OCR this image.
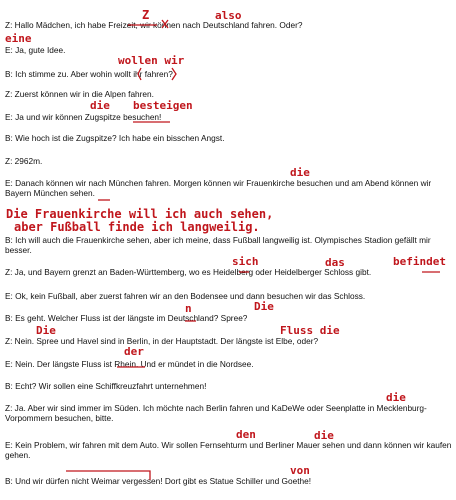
Z: Hallo Mädchen, ich habe Freizeit, wir können nach Deutschland fahren. Oder?
E: Ja, gute Idee.
B: Ich stimme zu. Aber wohin wollt ihr fahren?
Z: Zuerst können wir in die Alpen fahren.
E: Ja und wir können Zugspitze besuchen!
B: Wie hoch ist die Zugspitze? Ich habe ein bisschen Angst.
Z: 2962m.
E: Danach können wir nach München fahren. Morgen können wir Frauenkirche besuchen und am Abend können wir Bayern München sehen.
B: Ich will auch die Frauenkirche sehen, aber ich meine, dass Fußball langweilig ist. Olympisches Stadion gefällt mir besser.
Z: Ja, und Bayern grenzt an Baden-Württemberg, wo es Heidelberg oder Heidelberger Schloss gibt.
E: Ok, kein Fußball, aber zuerst fahren wir an den Bodensee und dann besuchen wir das Schloss.
B: Es geht. Welcher Fluss ist der längste im Deutschland? Spree?
Z: Nein. Spree und Havel sind in Berlin, in der Hauptstadt. Der längste ist Elbe, oder?
E: Nein. Der längste Fluss ist Rhein. Und er mündet in die Nordsee.
B: Echt? Wir sollen eine Schiffkreuzfahrt unternehmen!
Z: Ja. Aber wir sind immer im Süden. Ich möchte nach Berlin fahren und KaDeWe oder Seenplatte in Mecklenburg-Vorpommern besuchen, bitte.
E: Kein Problem, wir fahren mit dem Auto. Wir sollen Fernsehturm und Berliner Mauer sehen und dann können wir kaufen gehen.
B: Und wir dürfen nicht Weimar vergessen! Dort gibt es Statue Schiller und Goethe!
Z	also
eine
wollen wir
die besteigen
die
Die Frauenkirche will ich auch sehen,
aber Fußball finde ich langweilig.
sich	das	befindet
n	Die
Die	Fluss die
der
die
den	die
von
